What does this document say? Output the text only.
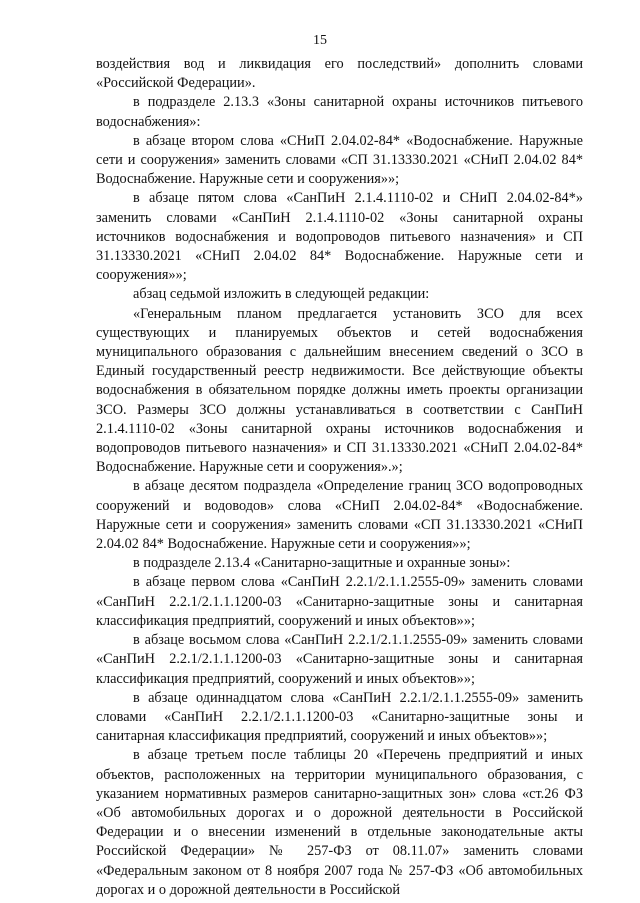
15

воздействия вод и ликвидация его последствий» дополнить словами «Российской Федерации».

в подразделе 2.13.3 «Зоны санитарной охраны источников питьевого водоснабжения»:

в абзаце втором слова «СНиП 2.04.02-84* «Водоснабжение. Наружные сети и сооружения» заменить словами «СП 31.13330.2021 «СНиП 2.04.02 84* Водоснабжение. Наружные сети и сооружения»»;

в абзаце пятом слова «СанПиН 2.1.4.1110-02 и СНиП 2.04.02-84*» заменить словами «СанПиН 2.1.4.1110-02 «Зоны санитарной охраны источников водоснабжения и водопроводов питьевого назначения» и СП 31.13330.2021 «СНиП 2.04.02 84* Водоснабжение. Наружные сети и сооружения»»;

абзац седьмой изложить в следующей редакции:

«Генеральным планом предлагается установить ЗСО для всех существующих и планируемых объектов и сетей водоснабжения муниципального образования с дальнейшим внесением сведений о ЗСО в Единый государственный реестр недвижимости. Все действующие объекты водоснабжения в обязательном порядке должны иметь проекты организации ЗСО. Размеры ЗСО должны устанавливаться в соответствии с СанПиН 2.1.4.1110-02 «Зоны санитарной охраны источников водоснабжения и водопроводов питьевого назначения» и СП 31.13330.2021 «СНиП 2.04.02-84* Водоснабжение. Наружные сети и сооружения».»;

в абзаце десятом подраздела «Определение границ ЗСО водопроводных сооружений и водоводов» слова «СНиП 2.04.02-84* «Водоснабжение. Наружные сети и сооружения» заменить словами «СП 31.13330.2021 «СНиП 2.04.02 84* Водоснабжение. Наружные сети и сооружения»»;

в подразделе 2.13.4 «Санитарно-защитные и охранные зоны»:

в абзаце первом слова «СанПиН 2.2.1/2.1.1.2555-09» заменить словами «СанПиН 2.2.1/2.1.1.1200-03 «Санитарно-защитные зоны и санитарная классификация предприятий, сооружений и иных объектов»»;

в абзаце восьмом слова «СанПиН 2.2.1/2.1.1.2555-09» заменить словами «СанПиН 2.2.1/2.1.1.1200-03 «Санитарно-защитные зоны и санитарная классификация предприятий, сооружений и иных объектов»»;

в абзаце одиннадцатом слова «СанПиН 2.2.1/2.1.1.2555-09» заменить словами «СанПиН 2.2.1/2.1.1.1200-03 «Санитарно-защитные зоны и санитарная классификация предприятий, сооружений и иных объектов»»;

в абзаце третьем после таблицы 20 «Перечень предприятий и иных объектов, расположенных на территории муниципального образования, с указанием нормативных размеров санитарно-защитных зон» слова «ст.26 ФЗ «Об автомобильных дорогах и о дорожной деятельности в Российской Федерации и о внесении изменений в отдельные законодательные акты Российской Федерации» № 257-ФЗ от 08.11.07» заменить словами «Федеральным законом от 8 ноября 2007 года № 257-ФЗ «Об автомобильных дорогах и о дорожной деятельности в Российской
